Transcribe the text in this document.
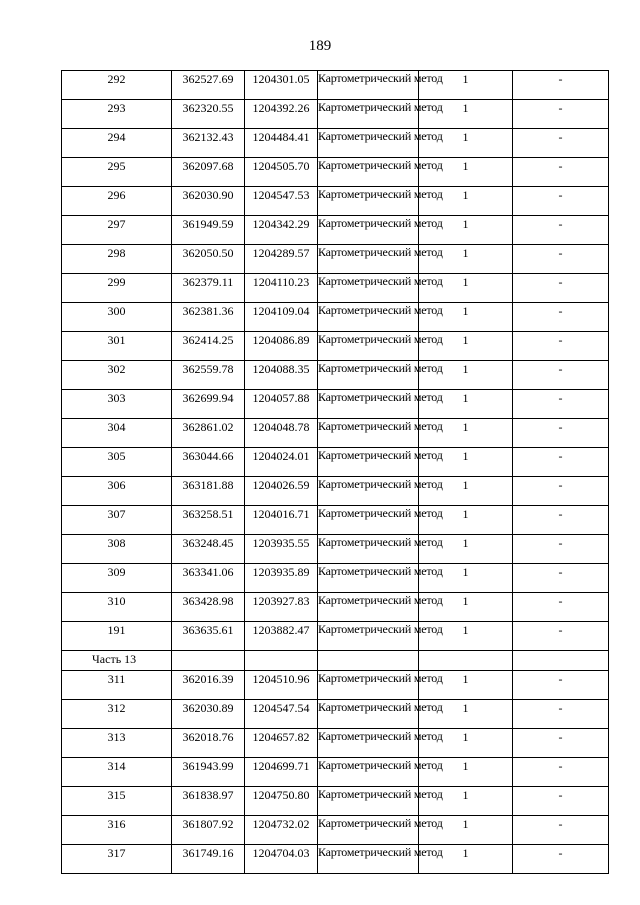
189
292	362527.69	1204301.05	Картометрический метод	1	-
293	362320.55	1204392.26	Картометрический метод	1	-
294	362132.43	1204484.41	Картометрический метод	1	-
295	362097.68	1204505.70	Картометрический метод	1	-
296	362030.90	1204547.53	Картометрический метод	1	-
297	361949.59	1204342.29	Картометрический метод	1	-
298	362050.50	1204289.57	Картометрический метод	1	-
299	362379.11	1204110.23	Картометрический метод	1	-
300	362381.36	1204109.04	Картометрический метод	1	-
301	362414.25	1204086.89	Картометрический метод	1	-
302	362559.78	1204088.35	Картометрический метод	1	-
303	362699.94	1204057.88	Картометрический метод	1	-
304	362861.02	1204048.78	Картометрический метод	1	-
305	363044.66	1204024.01	Картометрический метод	1	-
306	363181.88	1204026.59	Картометрический метод	1	-
307	363258.51	1204016.71	Картометрический метод	1	-
308	363248.45	1203935.55	Картометрический метод	1	-
309	363341.06	1203935.89	Картометрический метод	1	-
310	363428.98	1203927.83	Картометрический метод	1	-
191	363635.61	1203882.47	Картометрический метод	1	-
Часть 13					
311	362016.39	1204510.96	Картометрический метод	1	-
312	362030.89	1204547.54	Картометрический метод	1	-
313	362018.76	1204657.82	Картометрический метод	1	-
314	361943.99	1204699.71	Картометрический метод	1	-
315	361838.97	1204750.80	Картометрический метод	1	-
316	361807.92	1204732.02	Картометрический метод	1	-
317	361749.16	1204704.03	Картометрический метод	1	-
